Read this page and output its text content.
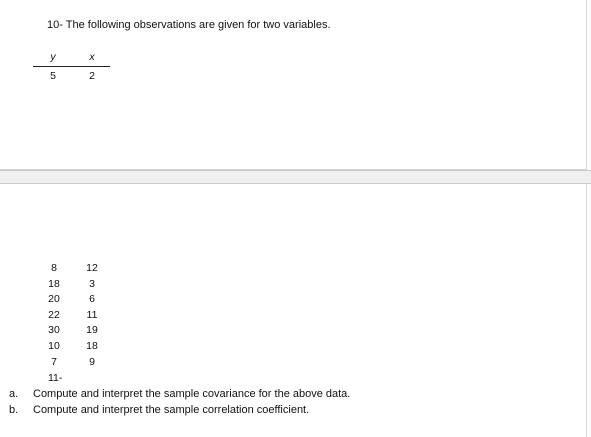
10- The following observations are given for two variables.
y	x
5	2
8	12
18	3
20	6
22	11
30	19
10	18
7	9
11-
a. Compute and interpret the sample covariance for the above data.
b. Compute and interpret the sample correlation coefficient.
